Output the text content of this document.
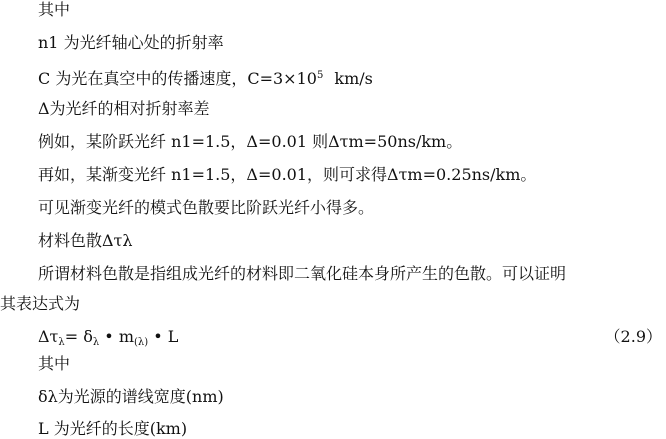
其中
n1 为光纤轴心处的折射率
C 为光在真空中的传播速度，$C=3\times 10^5$ km/s
Δ为光纤的相对折射率差
例如，某阶跃光纤 n1=1.5，Δ=0.01 则Δτm=50ns/km。
再如，某渐变光纤 n1=1.5，Δ=0.01，则可求得Δτm=0.25ns/km。
可见渐变光纤的模式色散要比阶跃光纤小得多。
材料色散Δτλ
所谓材料色散是指组成光纤的材料即二氧化硅本身所产生的色散。可以证明
其表达式为
$\Delta\tau_\lambda= \delta_\lambda$ • $m_{(\lambda)}$ • L	（2.9）
其中
δλ为光源的谱线宽度(nm)
L 为光纤的长度(km)
